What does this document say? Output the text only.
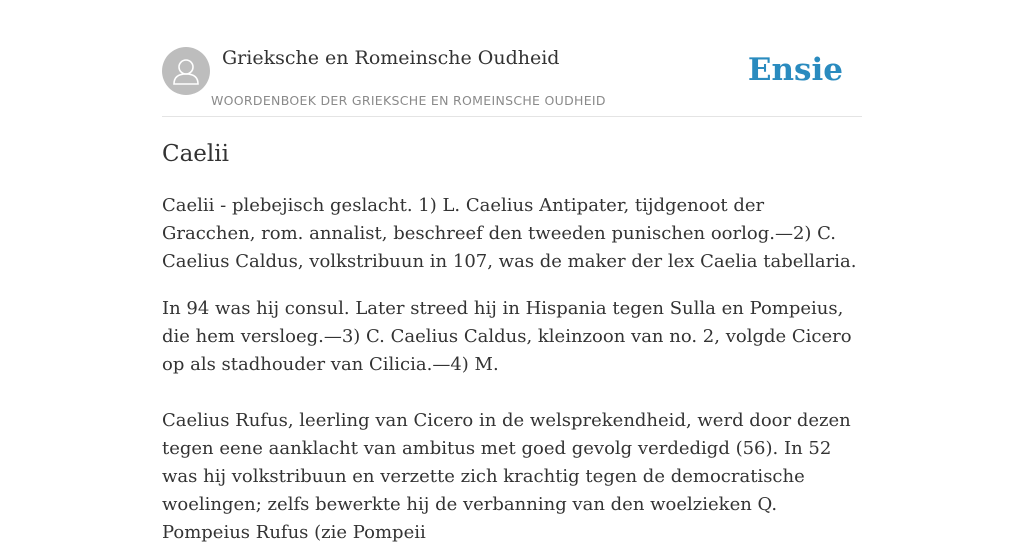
Grieksche en Romeinsche Oudheid
WOORDENBOEK DER GRIEKSCHE EN ROMEINSCHE OUDHEID
Ensie
Caelii

Caelii - plebejisch geslacht. 1) L. Caelius Antipater, tijdgenoot der Gracchen, rom. annalist, beschreef den tweeden punischen oorlog.—2) C. Caelius Caldus, volkstribuun in 107, was de maker der lex Caelia tabellaria.

In 94 was hij consul. Later streed hij in Hispania tegen Sulla en Pompeius, die hem versloeg.—3) C. Caelius Caldus, kleinzoon van no. 2, volgde Cicero op als stadhouder van Cilicia.—4) M.

Caelius Rufus, leerling van Cicero in de welsprekendheid, werd door dezen tegen eene aanklacht van ambitus met goed gevolg verdedigd (56). In 52 was hij volkstribuun en verzette zich krachtig tegen de democratische woelingen; zelfs bewerkte hij de verbanning van den woelzieken Q. Pompeius Rufus (zie Pompeii
